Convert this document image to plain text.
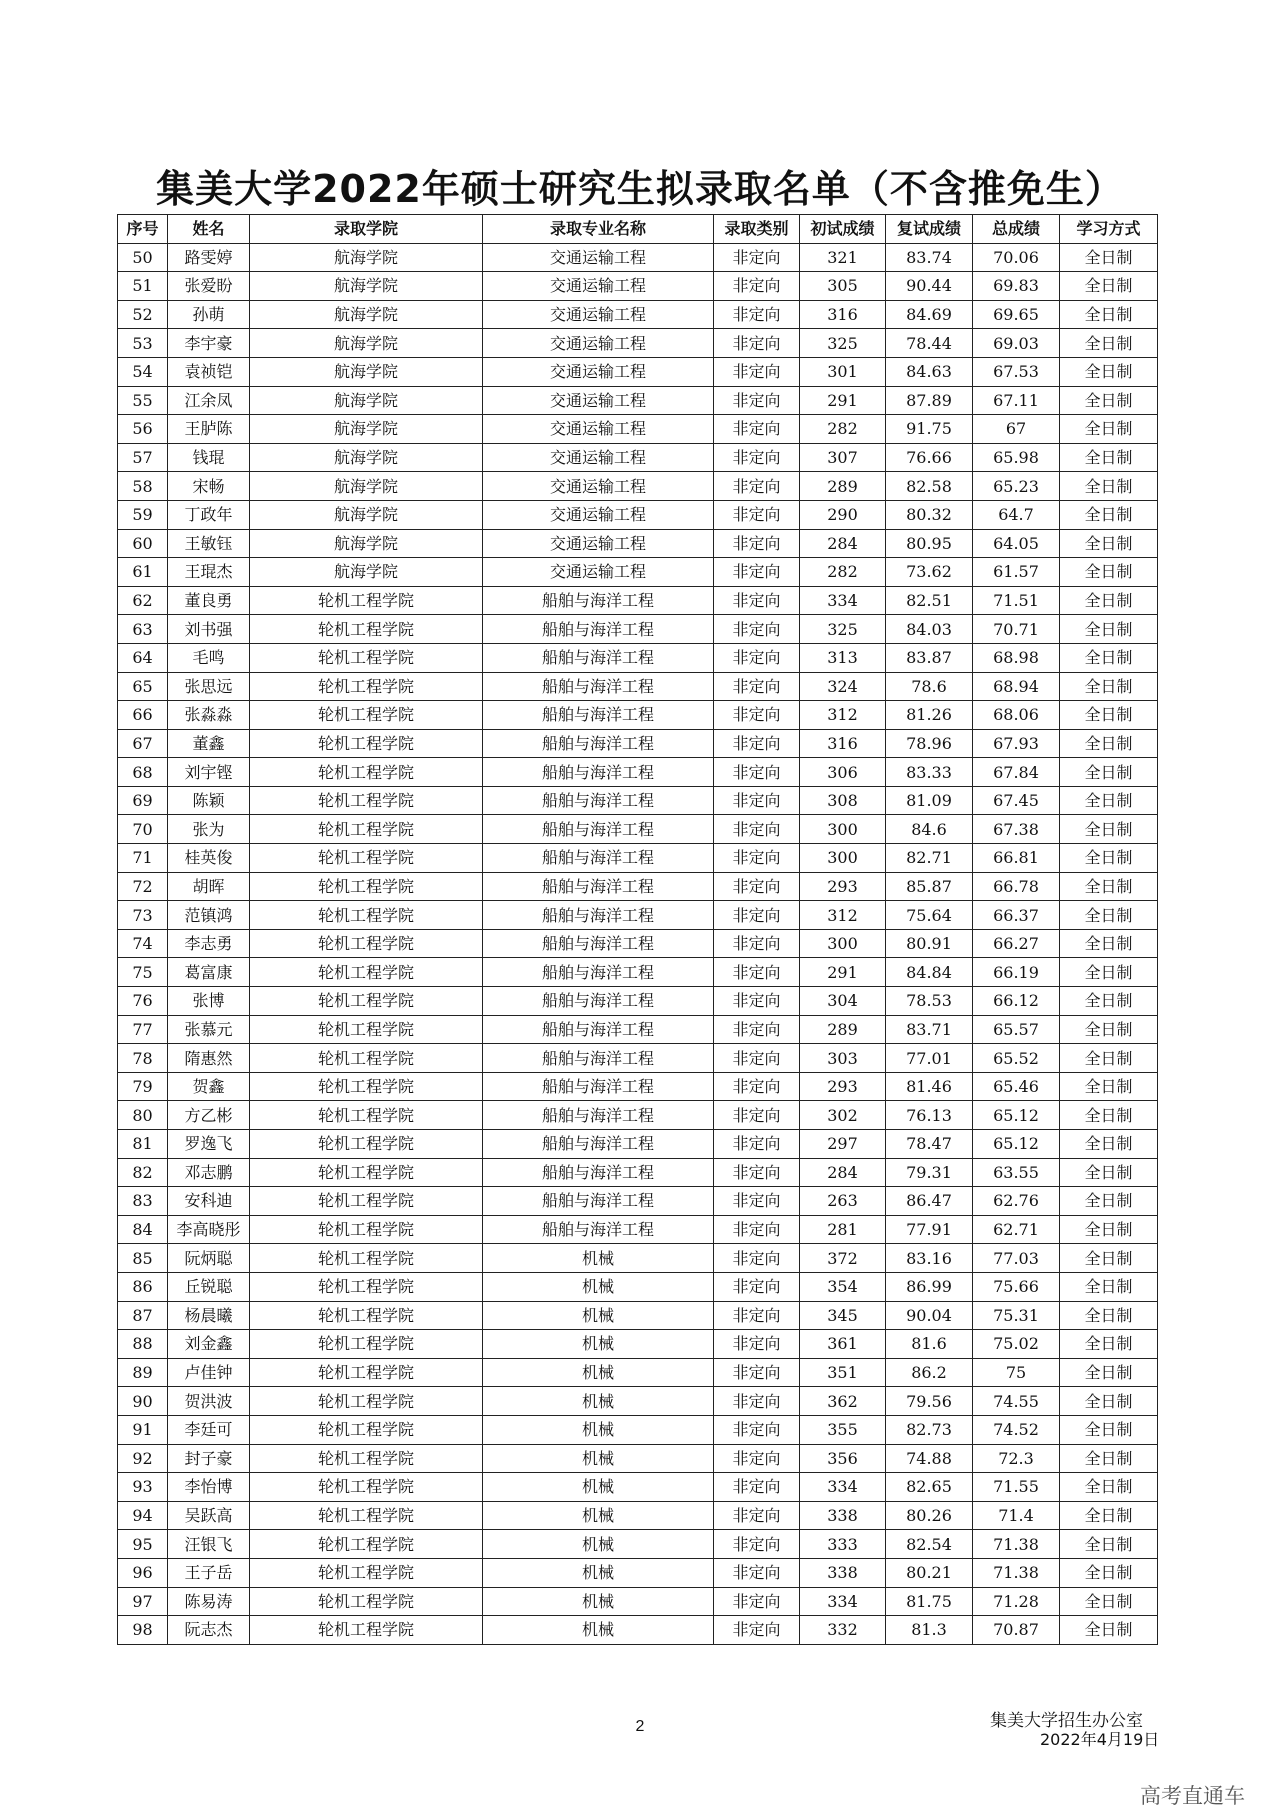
集美大学2022年硕士研究生拟录取名单（不含推免生）
序号	姓名	录取学院	录取专业名称	录取类别	初试成绩	复试成绩	总成绩	学习方式
50	路雯婷	航海学院	交通运输工程	非定向	321	83.74	70.06	全日制
51	张爱盼	航海学院	交通运输工程	非定向	305	90.44	69.83	全日制
52	孙萌	航海学院	交通运输工程	非定向	316	84.69	69.65	全日制
53	李宇豪	航海学院	交通运输工程	非定向	325	78.44	69.03	全日制
54	袁祯铠	航海学院	交通运输工程	非定向	301	84.63	67.53	全日制
55	江余凤	航海学院	交通运输工程	非定向	291	87.89	67.11	全日制
56	王胪陈	航海学院	交通运输工程	非定向	282	91.75	67	全日制
57	钱琨	航海学院	交通运输工程	非定向	307	76.66	65.98	全日制
58	宋畅	航海学院	交通运输工程	非定向	289	82.58	65.23	全日制
59	丁政年	航海学院	交通运输工程	非定向	290	80.32	64.7	全日制
60	王敏钰	航海学院	交通运输工程	非定向	284	80.95	64.05	全日制
61	王琨杰	航海学院	交通运输工程	非定向	282	73.62	61.57	全日制
62	董良勇	轮机工程学院	船舶与海洋工程	非定向	334	82.51	71.51	全日制
63	刘书强	轮机工程学院	船舶与海洋工程	非定向	325	84.03	70.71	全日制
64	毛鸣	轮机工程学院	船舶与海洋工程	非定向	313	83.87	68.98	全日制
65	张思远	轮机工程学院	船舶与海洋工程	非定向	324	78.6	68.94	全日制
66	张淼淼	轮机工程学院	船舶与海洋工程	非定向	312	81.26	68.06	全日制
67	董鑫	轮机工程学院	船舶与海洋工程	非定向	316	78.96	67.93	全日制
68	刘宇铿	轮机工程学院	船舶与海洋工程	非定向	306	83.33	67.84	全日制
69	陈颖	轮机工程学院	船舶与海洋工程	非定向	308	81.09	67.45	全日制
70	张为	轮机工程学院	船舶与海洋工程	非定向	300	84.6	67.38	全日制
71	桂英俊	轮机工程学院	船舶与海洋工程	非定向	300	82.71	66.81	全日制
72	胡晖	轮机工程学院	船舶与海洋工程	非定向	293	85.87	66.78	全日制
73	范镇鸿	轮机工程学院	船舶与海洋工程	非定向	312	75.64	66.37	全日制
74	李志勇	轮机工程学院	船舶与海洋工程	非定向	300	80.91	66.27	全日制
75	葛富康	轮机工程学院	船舶与海洋工程	非定向	291	84.84	66.19	全日制
76	张博	轮机工程学院	船舶与海洋工程	非定向	304	78.53	66.12	全日制
77	张慕元	轮机工程学院	船舶与海洋工程	非定向	289	83.71	65.57	全日制
78	隋惠然	轮机工程学院	船舶与海洋工程	非定向	303	77.01	65.52	全日制
79	贺鑫	轮机工程学院	船舶与海洋工程	非定向	293	81.46	65.46	全日制
80	方乙彬	轮机工程学院	船舶与海洋工程	非定向	302	76.13	65.12	全日制
81	罗逸飞	轮机工程学院	船舶与海洋工程	非定向	297	78.47	65.12	全日制
82	邓志鹏	轮机工程学院	船舶与海洋工程	非定向	284	79.31	63.55	全日制
83	安科迪	轮机工程学院	船舶与海洋工程	非定向	263	86.47	62.76	全日制
84	李高晓彤	轮机工程学院	船舶与海洋工程	非定向	281	77.91	62.71	全日制
85	阮炳聪	轮机工程学院	机械	非定向	372	83.16	77.03	全日制
86	丘锐聪	轮机工程学院	机械	非定向	354	86.99	75.66	全日制
87	杨晨曦	轮机工程学院	机械	非定向	345	90.04	75.31	全日制
88	刘金鑫	轮机工程学院	机械	非定向	361	81.6	75.02	全日制
89	卢佳钟	轮机工程学院	机械	非定向	351	86.2	75	全日制
90	贺洪波	轮机工程学院	机械	非定向	362	79.56	74.55	全日制
91	李廷可	轮机工程学院	机械	非定向	355	82.73	74.52	全日制
92	封子豪	轮机工程学院	机械	非定向	356	74.88	72.3	全日制
93	李怡博	轮机工程学院	机械	非定向	334	82.65	71.55	全日制
94	吴跃高	轮机工程学院	机械	非定向	338	80.26	71.4	全日制
95	汪银飞	轮机工程学院	机械	非定向	333	82.54	71.38	全日制
96	王子岳	轮机工程学院	机械	非定向	338	80.21	71.38	全日制
97	陈易涛	轮机工程学院	机械	非定向	334	81.75	71.28	全日制
98	阮志杰	轮机工程学院	机械	非定向	332	81.3	70.87	全日制
2	集美大学招生办公室
2022年4月19日
高考直通车
